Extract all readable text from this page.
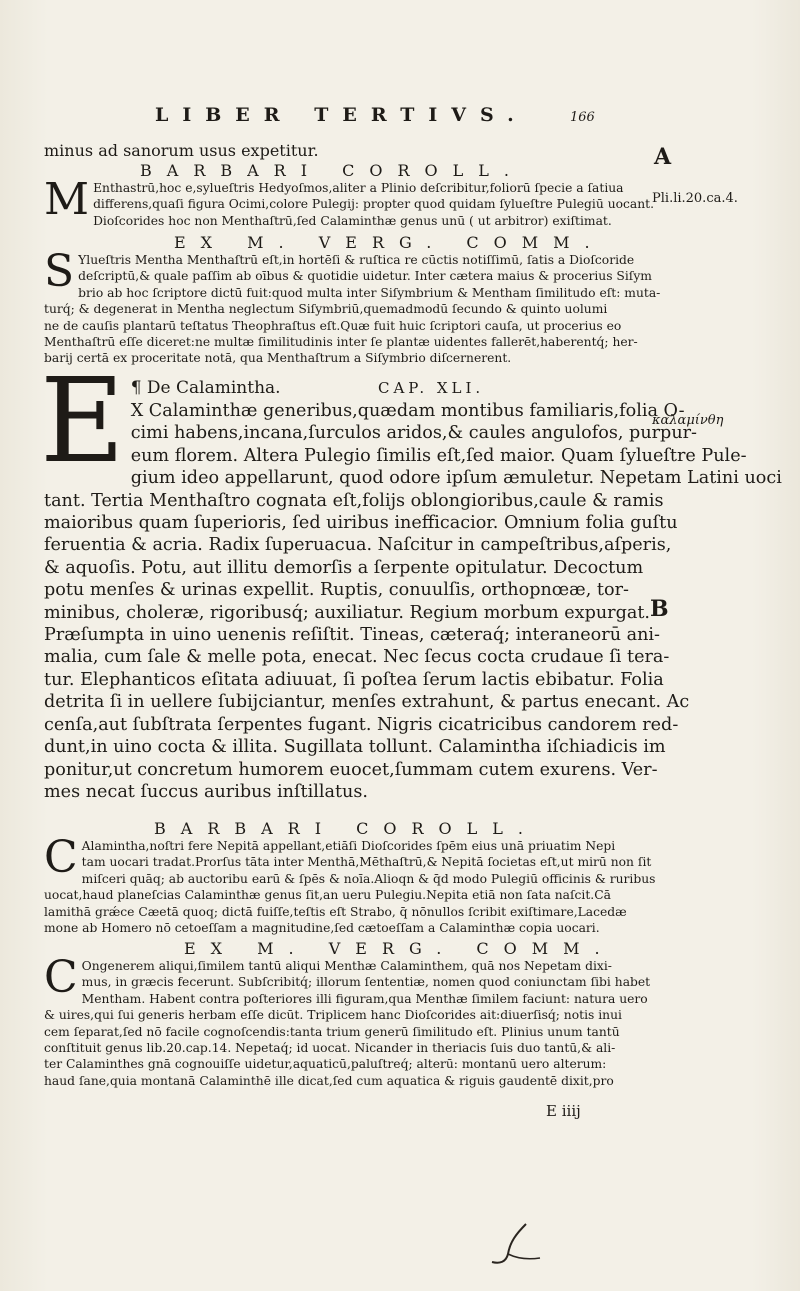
LIBER TERTIVS.	166
A
Pli.li.20.ca.4.
καλαμίνθη
B
minus ad sanorum usus expetitur.
BARBARI COROLL.
M Enthastrū,hoc e,sylueſtris Hedyoſmos,aliter a Plinio deſcribitur,foliorū ſpecie a ſatiua
differens,quaſi figura Ocimi,colore Pulegij: propter quod quidam ſylueſtre Pulegiū uocant.
Dioſcorides hoc non Menthaſtrū,ſed Calaminthæ genus unū ( ut arbitror) exiſtimat.
EX M. VERG. COMM.
S Ylueſtris Mentha Menthaſtrū eſt,in hortēſi & ruſtica re cūctis notiſſimū, ſatis a Dioſcoride
deſcriptū,& quale paſſim ab oībus & quotidie uidetur. Inter cætera maius & procerius Siſym
brio ab hoc ſcriptore dictū fuit:quod multa inter Siſymbrium & Mentham ſimilitudo eſt: muta-
turq́; & degenerat in Mentha neglectum Siſymbriū,quemadmodū ſecundo & quinto uolumi
ne de cauſis plantarū teſtatus Theophraſtus eſt.Quæ fuit huic ſcriptori cauſa, ut procerius eo
Menthaſtrū eſſe diceret:ne multæ ſimilitudinis inter ſe plantæ uidentes fallerēt,haberentq́; her-
barij certā ex proceritate notā, qua Menthaſtrum a Siſymbrio diſcernerent.
E ¶ De Calamintha.	CAP. XLI.
X Calaminthæ generibus,quædam montibus familiaris,folia O-
cimi habens,incana,ſurculos aridos,& caules angulofos, purpur-
eum florem. Altera Pulegio ſimilis eſt,ſed maior. Quam ſylueſtre Pule-
gium ideo appellarunt, quod odore ipſum æmuletur. Nepetam Latini uoci
tant. Tertia Menthaſtro cognata eſt,folijs oblongioribus,caule & ramis
maioribus quam ſuperioris, ſed uiribus inefficacior. Omnium folia guſtu
feruentia & acria. Radix ſuperuacua. Naſcitur in campeſtribus,aſperis,
& aquoſis. Potu, aut illitu demorſis a ſerpente opitulatur. Decoctum
potu menſes & urinas expellit. Ruptis, conuulſis, orthopnœæ, tor-
minibus, choleræ, rigoribusq́; auxiliatur. Regium morbum expurgat.
Præſumpta in uino uenenis reſiſtit. Tineas, cæteraq́; interaneorū ani-
malia, cum ſale & melle pota, enecat. Nec ſecus cocta crudaue ſi tera-
tur. Elephanticos eſitata adiuuat, ſi poſtea ſerum lactis ebibatur. Folia
detrita ſi in uellere ſubijciantur, menſes extrahunt, & partus enecant. Ac
cenſa,aut ſubſtrata ſerpentes fugant. Nigris cicatricibus candorem red-
dunt,in uino cocta & illita. Sugillata tollunt. Calamintha iſchiadicis im
ponitur,ut concretum humorem euocet,ſummam cutem exurens. Ver-
mes necat ſuccus auribus inſtillatus.
BARBARI COROLL.
C Alamintha,noſtri fere Nepitā appellant,etiāſi Dioſcorides ſpēm eius unā priuatim Nepi
tam uocari tradat.Prorſus tāta inter Menthā,Mēthaſtrū,& Nepitā ſocietas eſt,ut mirū non ſit
miſceri quāq; ab auctoribu earū & ſpēs & noīa.Alioqn & q̄d modo Pulegiū officinis & ruribus
uocat,haud planeſcias Calaminthæ genus ſit,an ueru Pulegiu.Nepita etiā non ſata naſcit.Cā
lamithā grǽce Cæetā quoq; dictā fuiſſe,teſtis eſt Strabo, q̄ nōnullos ſcribit exiſtimare,Lacedæ
mone ab Homero nō cetoeſſam a magnitudine,ſed cætoeſſam a Calaminthæ copia uocari.
EX M. VERG. COMM.
C Ongenerem aliqui,ſimilem tantū aliqui Menthæ Calaminthem, quā nos Nepetam dixi-
mus, in græcis fecerunt. Subſcribitq́; illorum ſententiæ, nomen quod coniunctam ſibi habet
Mentham. Habent contra poſteriores illi figuram,qua Menthæ ſimilem faciunt: natura uero
& uires,qui ſui generis herbam eſſe dicūt. Triplicem hanc Dioſcorides ait:diuerſisq́; notis inui
cem ſeparat,ſed nō facile cognoſcendis:tanta trium generū ſimilitudo eſt. Plinius unum tantū
conſtituit genus lib.20.cap.14. Nepetaq́; id uocat. Nicander in theriacis ſuis duo tantū,& ali-
ter Calaminthes gnā cognouiſſe uidetur,aquaticū,paluſtreq́; alterū: montanū uero alterum:
haud ſane,quia montanā Calaminthē ille dicat,ſed cum aquatica & riguis gaudentē dixit,pro
E iiij
